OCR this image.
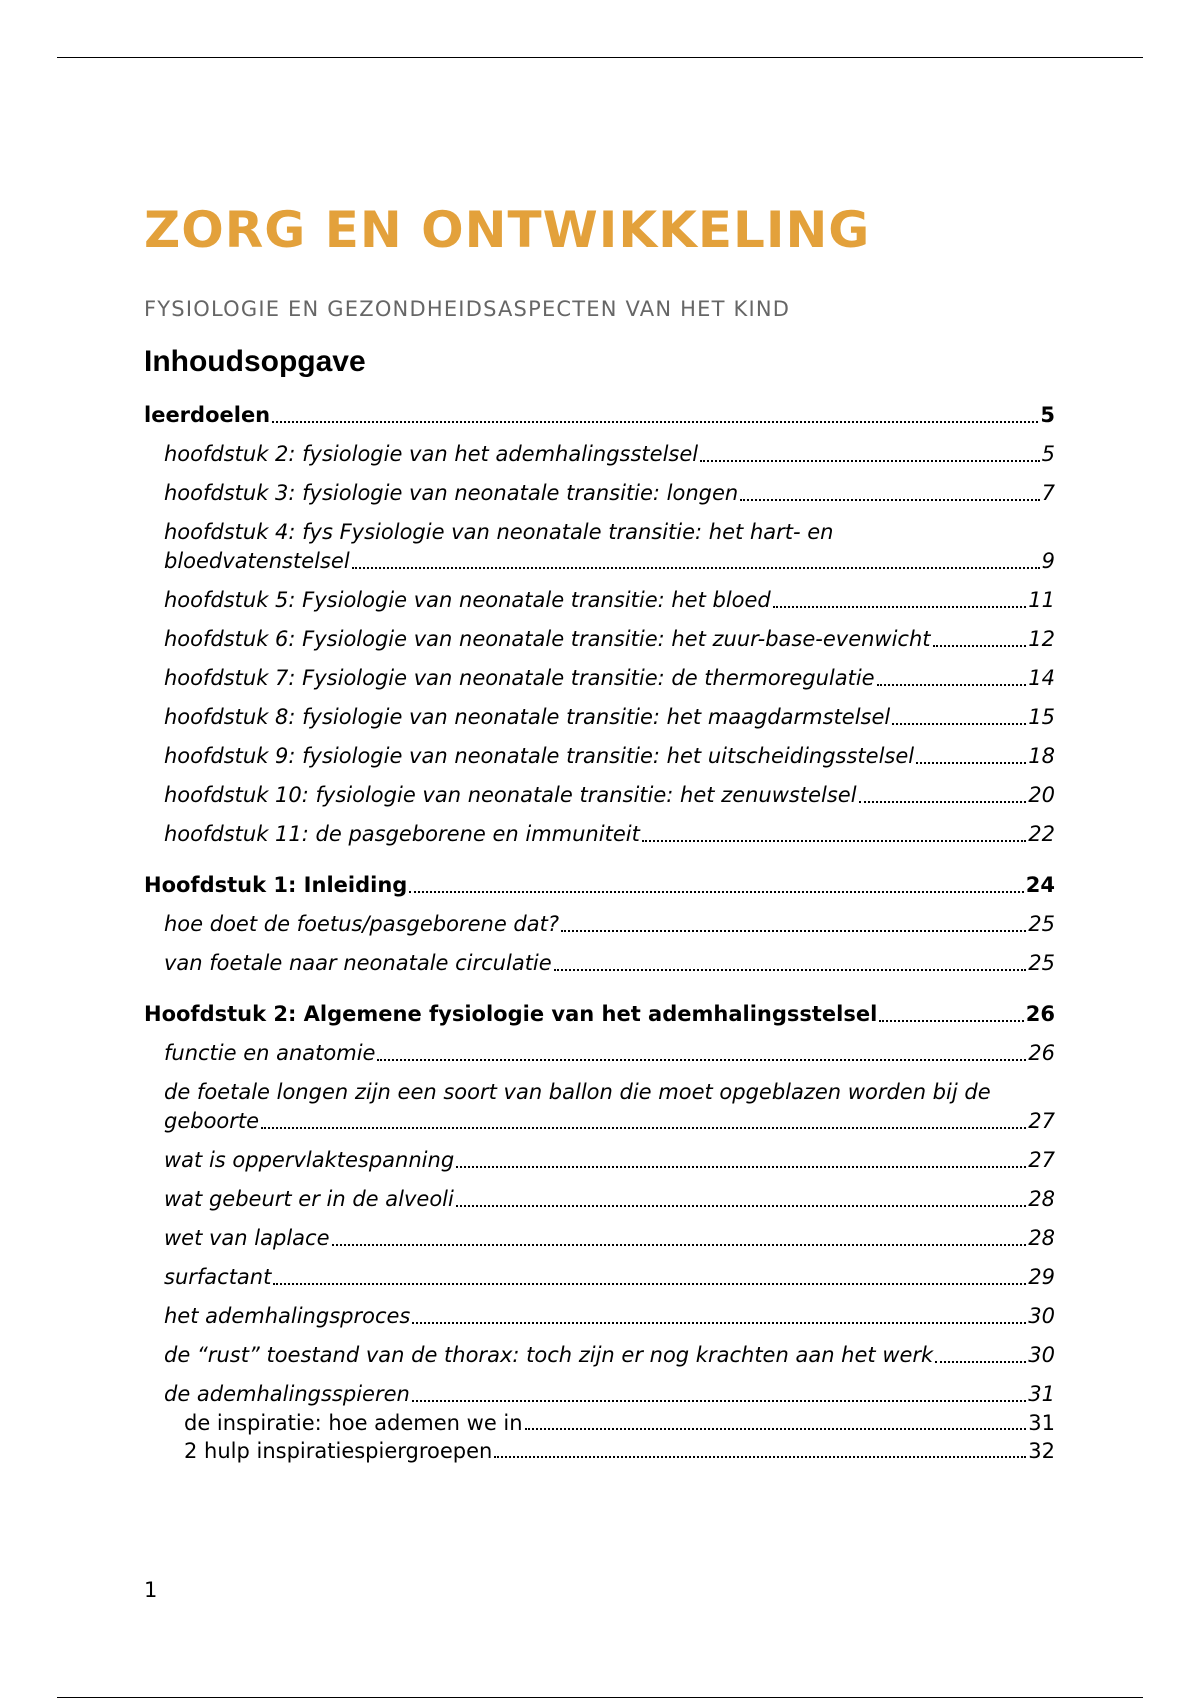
ZORG EN ONTWIKKELING
FYSIOLOGIE EN GEZONDHEIDSASPECTEN VAN HET KIND
Inhoudsopgave
leerdoelen	5
hoofdstuk 2: fysiologie van het ademhalingsstelsel	5
hoofdstuk 3: fysiologie van neonatale transitie: longen	7
hoofdstuk 4: fys Fysiologie van neonatale transitie: het hart- en
bloedvatenstelsel	9
hoofdstuk 5: Fysiologie van neonatale transitie: het bloed	11
hoofdstuk 6: Fysiologie van neonatale transitie: het zuur-base-evenwicht	12
hoofdstuk 7: Fysiologie van neonatale transitie: de thermoregulatie	14
hoofdstuk 8: fysiologie van neonatale transitie: het maagdarmstelsel	15
hoofdstuk 9: fysiologie van neonatale transitie: het uitscheidingsstelsel	18
hoofdstuk 10: fysiologie van neonatale transitie: het zenuwstelsel	20
hoofdstuk 11: de pasgeborene en immuniteit	22
Hoofdstuk 1: Inleiding	24
hoe doet de foetus/pasgeborene dat?	25
van foetale naar neonatale circulatie	25
Hoofdstuk 2: Algemene fysiologie van het ademhalingsstelsel	26
functie en anatomie	26
de foetale longen zijn een soort van ballon die moet opgeblazen worden bij de
geboorte	27
wat is oppervlaktespanning	27
wat gebeurt er in de alveoli	28
wet van laplace	28
surfactant	29
het ademhalingsproces	30
de “rust” toestand van de thorax: toch zijn er nog krachten aan het werk	30
de ademhalingsspieren	31
de inspiratie: hoe ademen we in	31
2 hulp inspiratiespiergroepen	32
1
